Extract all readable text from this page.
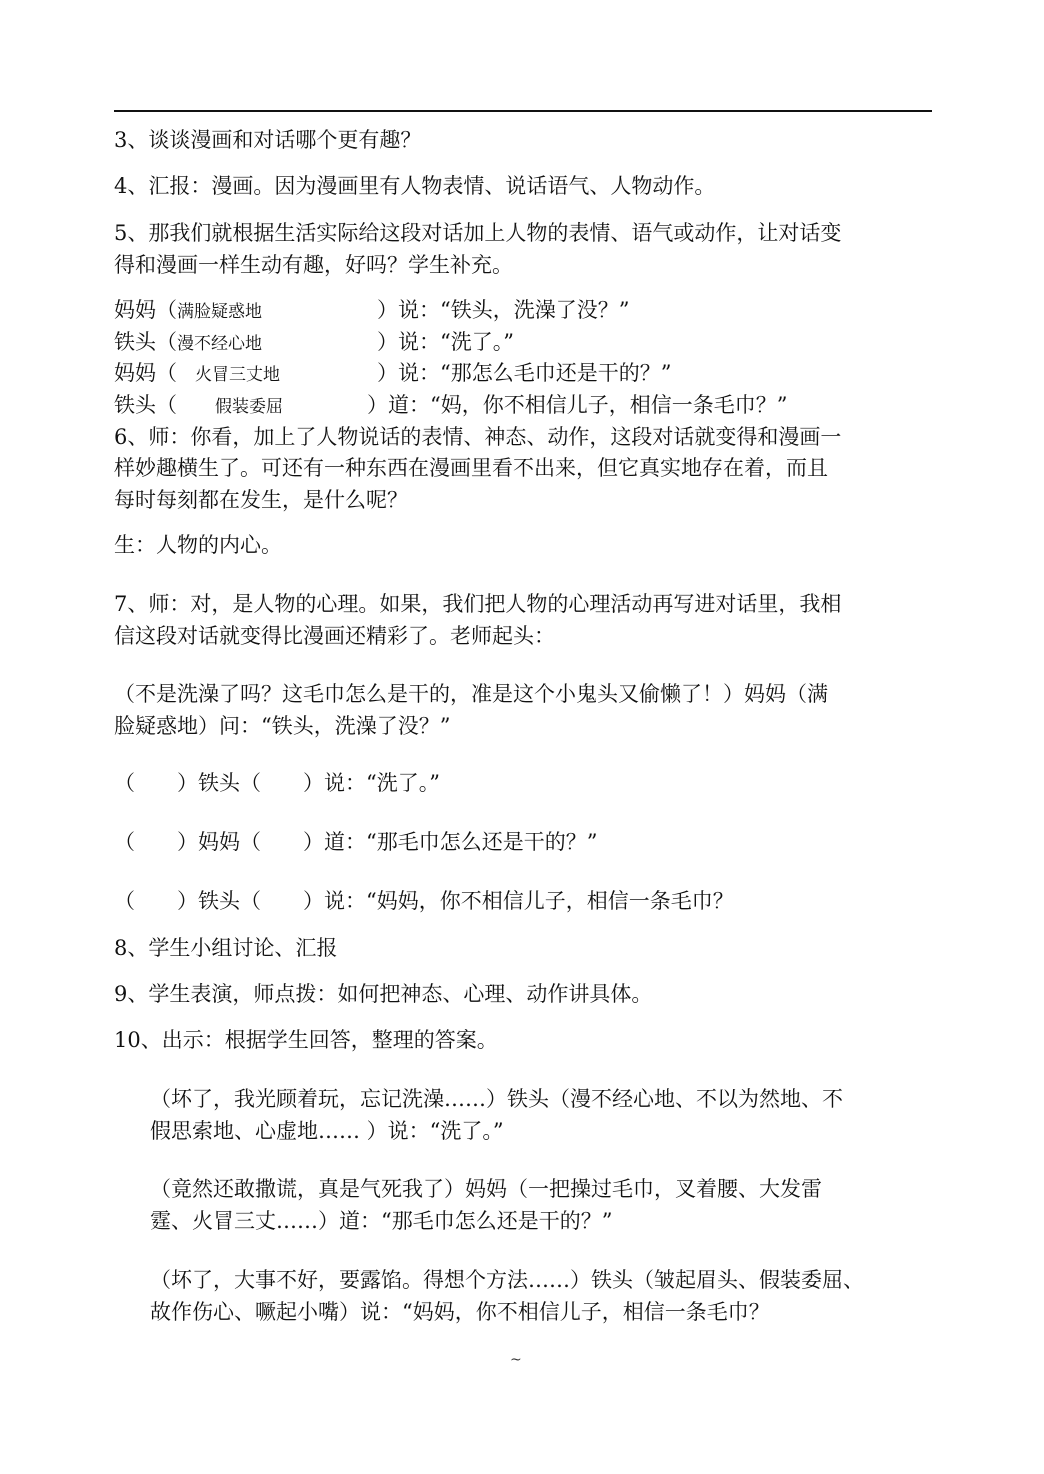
3、谈谈漫画和对话哪个更有趣？
4、汇报：漫画。因为漫画里有人物表情、说话语气、人物动作。
5、那我们就根据生活实际给这段对话加上人物的表情、语气或动作，让对话变
得和漫画一样生动有趣，好吗？学生补充。
妈妈（满脸疑惑地	）说：“铁头，洗澡了没？”
铁头（漫不经心地	）说：“洗了。”
妈妈（ 火冒三丈地	）说：“那怎么毛巾还是干的？”
铁头（ 假装委屈	）道：“妈，你不相信儿子，相信一条毛巾？”
6、师：你看，加上了人物说话的表情、神态、动作，这段对话就变得和漫画一
样妙趣横生了。可还有一种东西在漫画里看不出来，但它真实地存在着，而且
每时每刻都在发生，是什么呢？
生：人物的内心。
7、师：对，是人物的心理。如果，我们把人物的心理活动再写进对话里，我相
信这段对话就变得比漫画还精彩了。老师起头：
（不是洗澡了吗？这毛巾怎么是干的，准是这个小鬼头又偷懒了！）妈妈（满
脸疑惑地）问：“铁头，洗澡了没？”
（　　）铁头（　　）说：“洗了。”
（　　）妈妈（　　）道：“那毛巾怎么还是干的？”
（　　）铁头（　　）说：“妈妈，你不相信儿子，相信一条毛巾？
8、学生小组讨论、汇报
9、学生表演，师点拨：如何把神态、心理、动作讲具体。
10、出示：根据学生回答，整理的答案。
（坏了，我光顾着玩，忘记洗澡……）铁头（漫不经心地、不以为然地、不
假思索地、心虚地…… ）说：“洗了。”
（竟然还敢撒谎，真是气死我了）妈妈（一把操过毛巾，叉着腰、大发雷
霆、火冒三丈……）道：“那毛巾怎么还是干的？”
（坏了，大事不好，要露馅。得想个方法……）铁头（皱起眉头、假装委屈、
故作伤心、噘起小嘴）说：“妈妈，你不相信儿子，相信一条毛巾？
~
